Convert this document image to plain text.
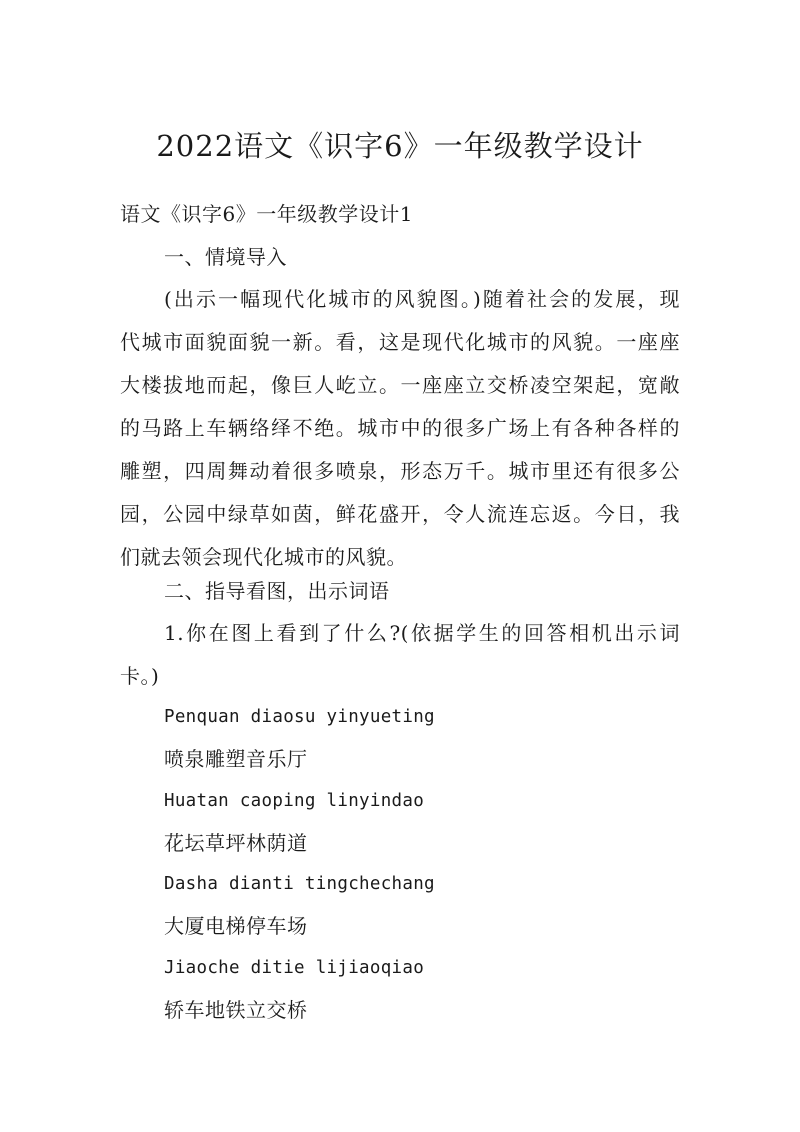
2022语文《识字6》一年级教学设计
语文《识字6》一年级教学设计1
一、情境导入
(出示一幅现代化城市的风貌图。)随着社会的发展，现
代城市面貌面貌一新。看，这是现代化城市的风貌。一座座
大楼拔地而起，像巨人屹立。一座座立交桥凌空架起，宽敞
的马路上车辆络绎不绝。城市中的很多广场上有各种各样的
雕塑，四周舞动着很多喷泉，形态万千。城市里还有很多公
园，公园中绿草如茵，鲜花盛开，令人流连忘返。今日，我
们就去领会现代化城市的风貌。
二、指导看图，出示词语
1.你在图上看到了什么?(依据学生的回答相机出示词
卡。)
Penquan diaosu yinyueting
喷泉雕塑音乐厅
Huatan caoping linyindao
花坛草坪林荫道
Dasha dianti tingchechang
大厦电梯停车场
Jiaoche ditie lijiaoqiao
轿车地铁立交桥
